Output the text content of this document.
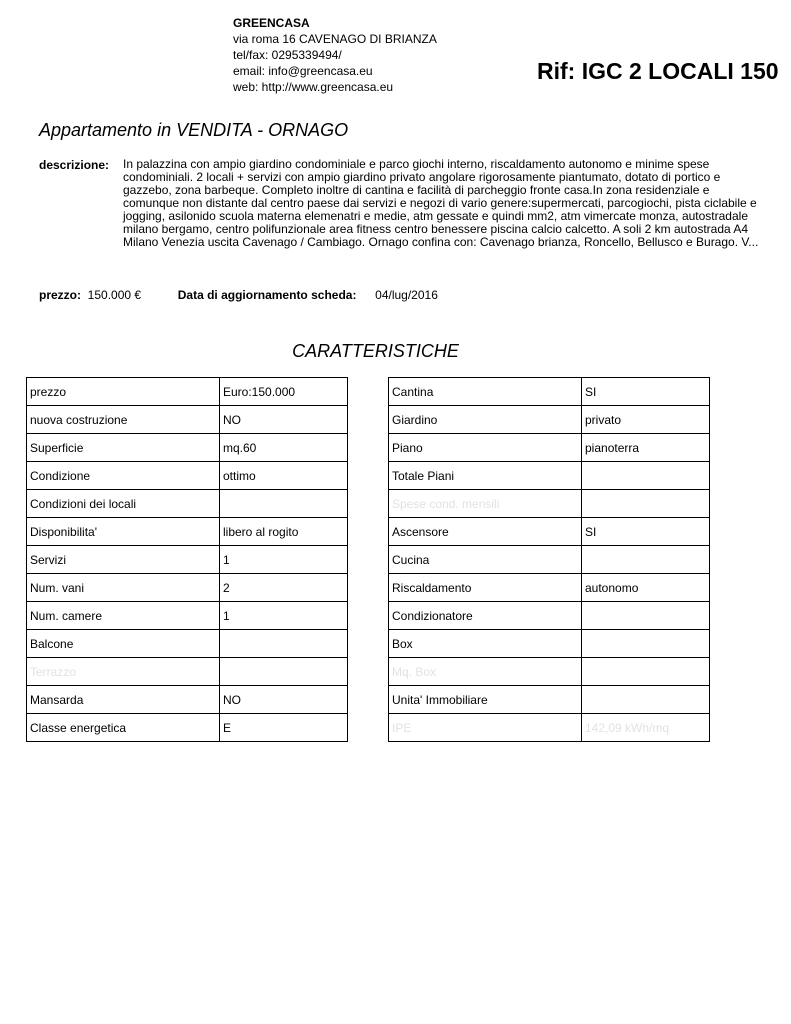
GREENCASA
via roma 16 CAVENAGO DI BRIANZA
tel/fax: 0295339494/
email: info@greencasa.eu
web: http://www.greencasa.eu
Rif: IGC 2 LOCALI 150
Appartamento in VENDITA - ORNAGO
descrizione: In palazzina con ampio giardino condominiale e parco giochi interno, riscaldamento autonomo e minime spese condominiali. 2 locali + servizi con ampio giardino privato angolare rigorosamente piantumato, dotato di portico e gazzebo, zona barbeque. Completo inoltre di cantina e facilità di parcheggio fronte casa.In zona residenziale e comunque non distante dal centro paese dai servizi e negozi di vario genere:supermercati, parcogiochi, pista ciclabile e jogging, asilonido scuola materna elemenatri e medie, atm gessate e quindi mm2, atm vimercate monza, autostradale milano bergamo, centro polifunzionale area fitness centro benessere piscina calcio calcetto. A soli 2 km autostrada A4 Milano Venezia uscita Cavenago / Cambiago. Ornago confina con: Cavenago brianza, Roncello, Bellusco e Burago. V...
prezzo: 150.000 €	Data di aggiornamento scheda: 04/lug/2016
CARATTERISTICHE
prezzo	Euro:150.000
nuova costruzione	NO
Superficie	mq.60
Condizione	ottimo
Condizioni dei locali	
Disponibilita'	libero al rogito
Servizi	1
Num. vani	2
Num. camere	1
Balcone	
Terrazzo	
Mansarda	NO
Classe energetica	E
Cantina	SI
Giardino	privato
Piano	pianoterra
Totale Piani	
Spese cond. mensili	
Ascensore	SI
Cucina	
Riscaldamento	autonomo
Condizionatore	
Box	
Mq. Box	
Unita' Immobiliare	
IPE	142,09 kWh/mq
